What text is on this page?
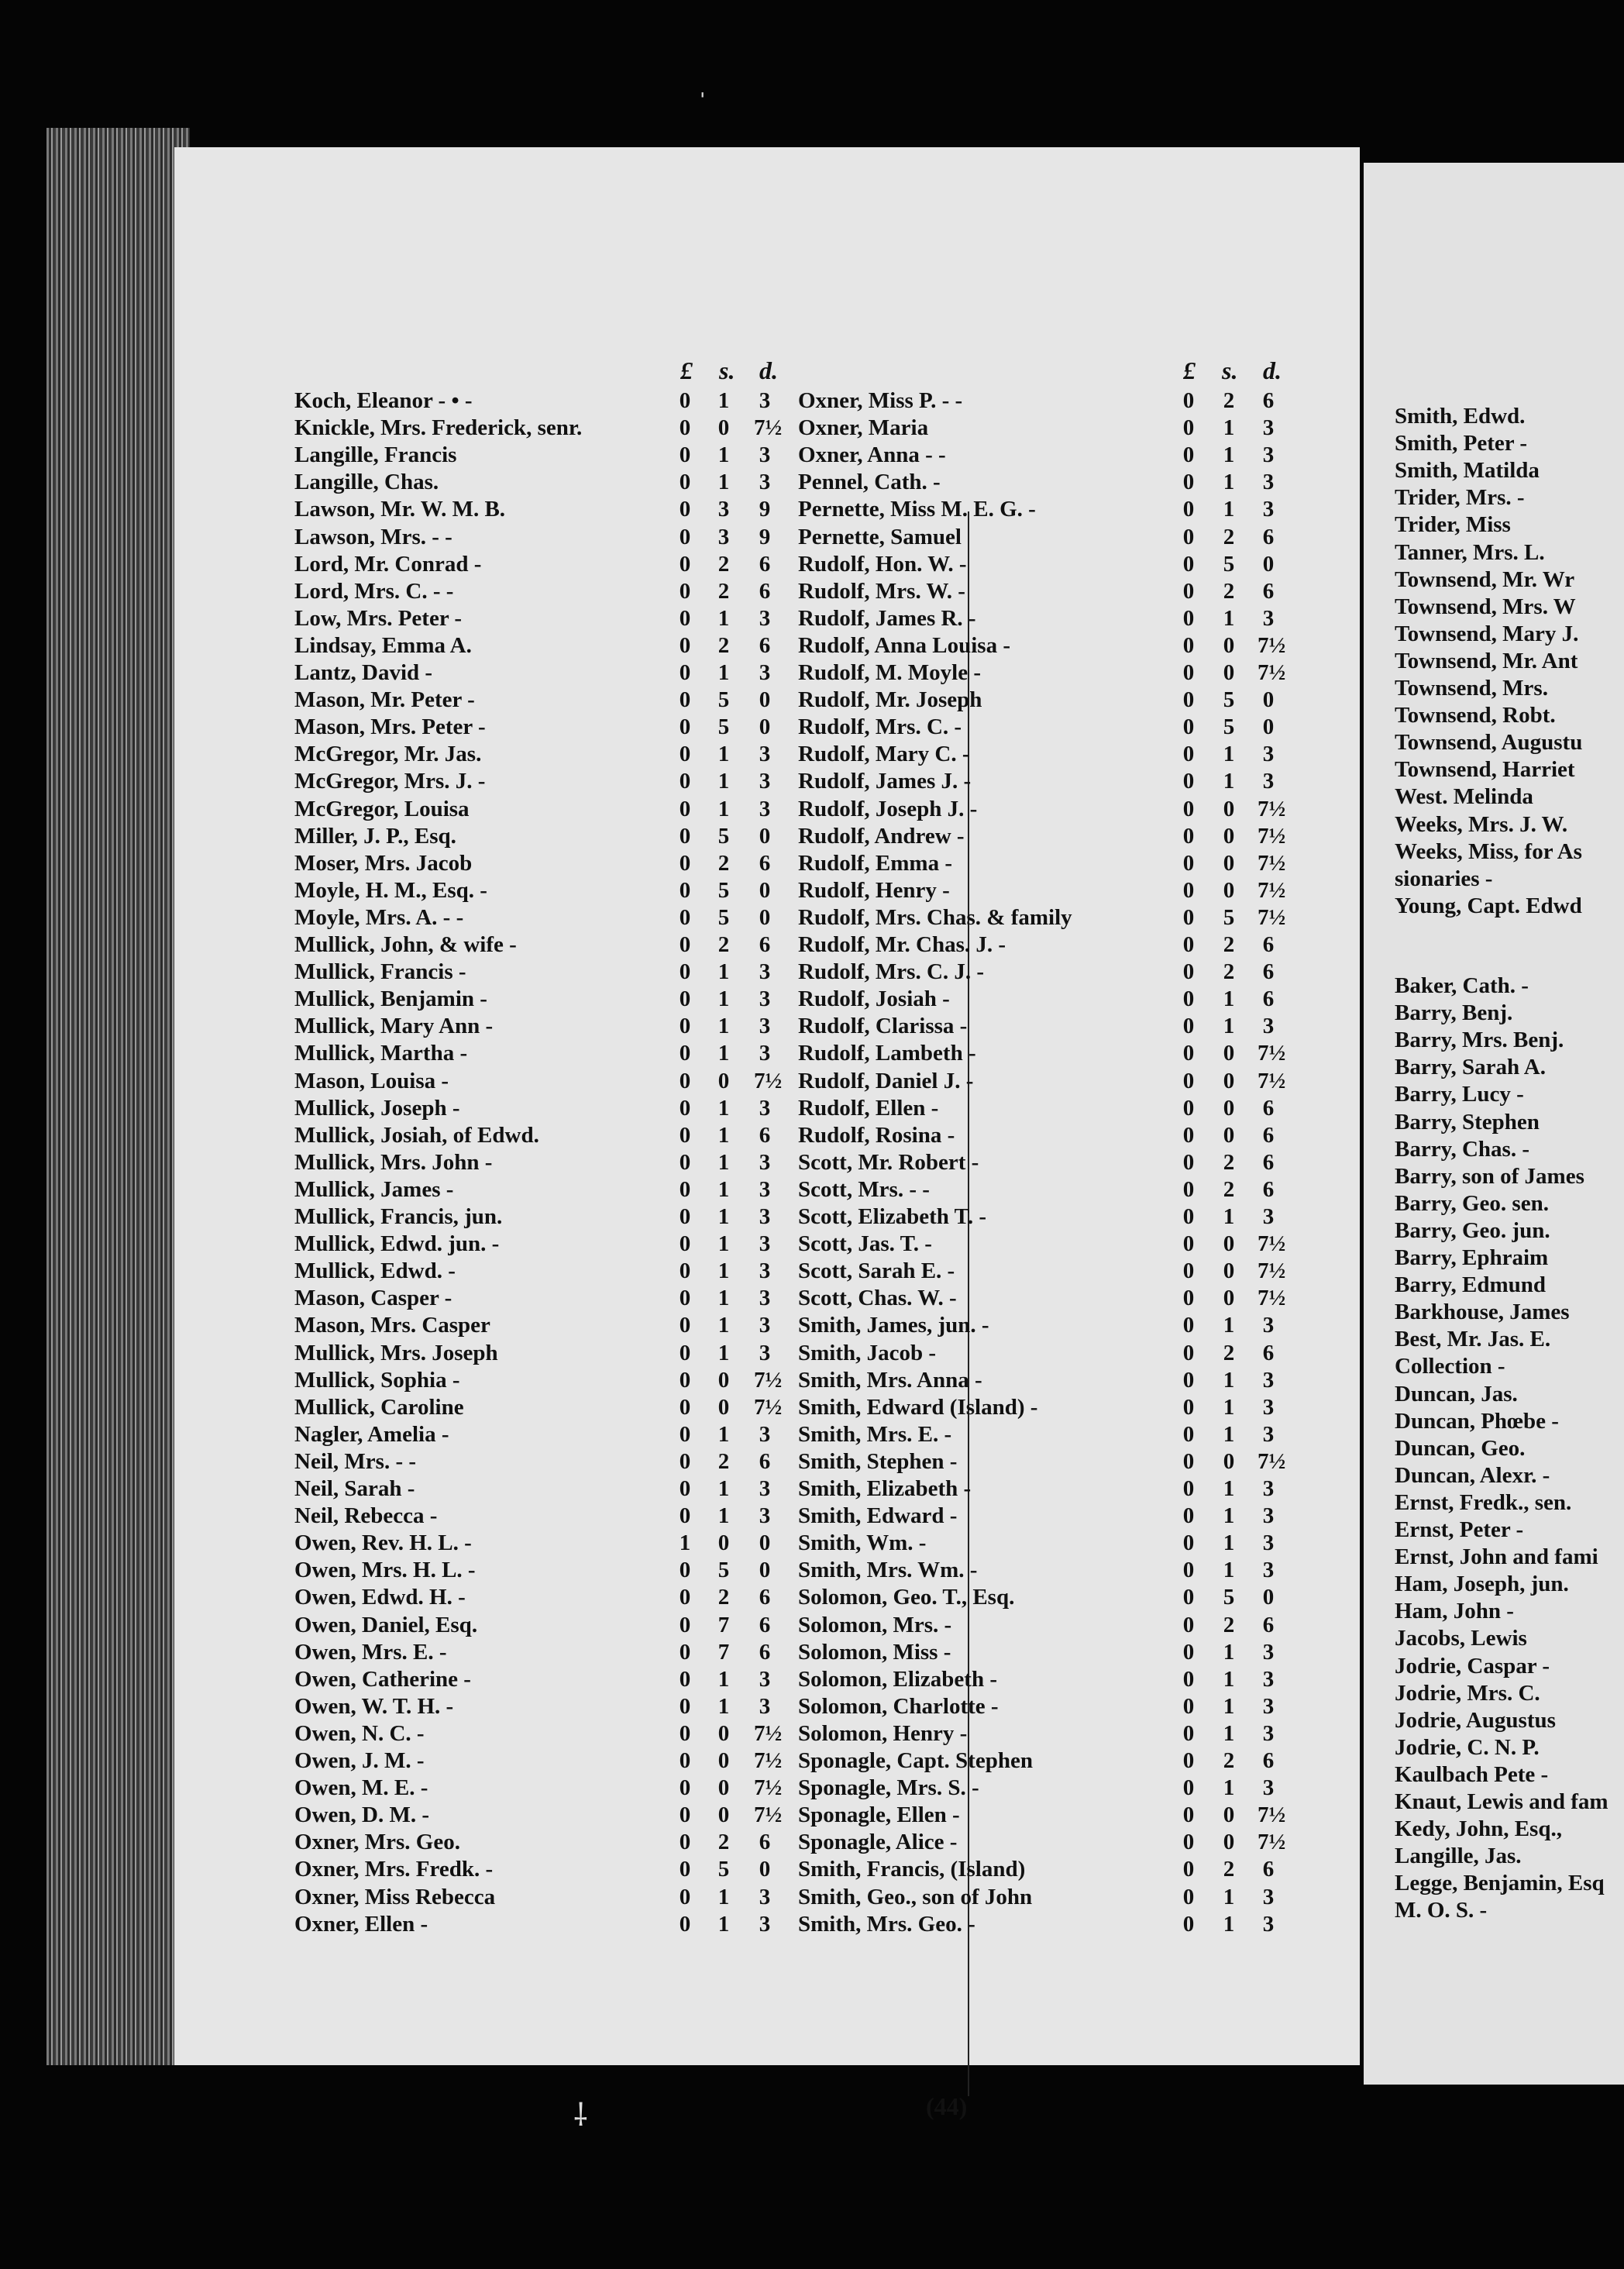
£ s. d.	£ s. d.
Koch, Eleanor - • -	0 1 3
Knickle, Mrs. Frederick, senr.	0 0 7½
Langille, Francis	0 1 3
Langille, Chas.	0 1 3
Lawson, Mr. W. M. B.	0 3 9
Lawson, Mrs. - -	0 3 9
Lord, Mr. Conrad -	0 2 6
Lord, Mrs. C. - -	0 2 6
Low, Mrs. Peter -	0 1 3
Lindsay, Emma A.	0 2 6
Lantz, David -	0 1 3
Mason, Mr. Peter -	0 5 0
Mason, Mrs. Peter -	0 5 0
McGregor, Mr. Jas.	0 1 3
McGregor, Mrs. J. -	0 1 3
McGregor, Louisa	0 1 3
Miller, J. P., Esq.	0 5 0
Moser, Mrs. Jacob	0 2 6
Moyle, H. M., Esq. -	0 5 0
Moyle, Mrs. A. - -	0 5 0
Mullick, John, & wife -	0 2 6
Mullick, Francis -	0 1 3
Mullick, Benjamin -	0 1 3
Mullick, Mary Ann -	0 1 3
Mullick, Martha -	0 1 3
Mason, Louisa -	0 0 7½
Mullick, Joseph -	0 1 3
Mullick, Josiah, of Edwd.	0 1 6
Mullick, Mrs. John -	0 1 3
Mullick, James -	0 1 3
Mullick, Francis, jun.	0 1 3
Mullick, Edwd. jun. -	0 1 3
Mullick, Edwd. -	0 1 3
Mason, Casper -	0 1 3
Mason, Mrs. Casper	0 1 3
Mullick, Mrs. Joseph	0 1 3
Mullick, Sophia -	0 0 7½
Mullick, Caroline	0 0 7½
Nagler, Amelia -	0 1 3
Neil, Mrs. - -	0 2 6
Neil, Sarah -	0 1 3
Neil, Rebecca -	0 1 3
Owen, Rev. H. L. -	1 0 0
Owen, Mrs. H. L. -	0 5 0
Owen, Edwd. H. -	0 2 6
Owen, Daniel, Esq.	0 7 6
Owen, Mrs. E. -	0 7 6
Owen, Catherine -	0 1 3
Owen, W. T. H. -	0 1 3
Owen, N. C. -	0 0 7½
Owen, J. M. -	0 0 7½
Owen, M. E. -	0 0 7½
Owen, D. M. -	0 0 7½
Oxner, Mrs. Geo.	0 2 6
Oxner, Mrs. Fredk. -	0 5 0
Oxner, Miss Rebecca	0 1 3
Oxner, Ellen -	0 1 3
Oxner, Miss P. - -	0 2 6
Oxner, Maria	0 1 3
Oxner, Anna - -	0 1 3
Pennel, Cath. -	0 1 3
Pernette, Miss M. E. G. -	0 1 3
Pernette, Samuel	0 2 6
Rudolf, Hon. W. -	0 5 0
Rudolf, Mrs. W. -	0 2 6
Rudolf, James R. -	0 1 3
Rudolf, Anna Louisa -	0 0 7½
Rudolf, M. Moyle -	0 0 7½
Rudolf, Mr. Joseph	0 5 0
Rudolf, Mrs. C. -	0 5 0
Rudolf, Mary C. -	0 1 3
Rudolf, James J. -	0 1 3
Rudolf, Joseph J. -	0 0 7½
Rudolf, Andrew -	0 0 7½
Rudolf, Emma -	0 0 7½
Rudolf, Henry -	0 0 7½
Rudolf, Mrs. Chas. & family	0 5 7½
Rudolf, Mr. Chas. J. -	0 2 6
Rudolf, Mrs. C. J. -	0 2 6
Rudolf, Josiah -	0 1 6
Rudolf, Clarissa -	0 1 3
Rudolf, Lambeth -	0 0 7½
Rudolf, Daniel J. -	0 0 7½
Rudolf, Ellen -	0 0 6
Rudolf, Rosina -	0 0 6
Scott, Mr. Robert -	0 2 6
Scott, Mrs. - -	0 2 6
Scott, Elizabeth T. -	0 1 3
Scott, Jas. T. -	0 0 7½
Scott, Sarah E. -	0 0 7½
Scott, Chas. W. -	0 0 7½
Smith, James, jun. -	0 1 3
Smith, Jacob -	0 2 6
Smith, Mrs. Anna -	0 1 3
Smith, Edward (Island) -	0 1 3
Smith, Mrs. E. -	0 1 3
Smith, Stephen -	0 0 7½
Smith, Elizabeth -	0 1 3
Smith, Edward -	0 1 3
Smith, Wm. -	0 1 3
Smith, Mrs. Wm. -	0 1 3
Solomon, Geo. T., Esq.	0 5 0
Solomon, Mrs. -	0 2 6
Solomon, Miss -	0 1 3
Solomon, Elizabeth -	0 1 3
Solomon, Charlotte -	0 1 3
Solomon, Henry -	0 1 3
Sponagle, Capt. Stephen	0 2 6
Sponagle, Mrs. S. -	0 1 3
Sponagle, Ellen -	0 0 7½
Sponagle, Alice -	0 0 7½
Smith, Francis, (Island)	0 2 6
Smith, Geo., son of John	0 1 3
Smith, Mrs. Geo. -	0 1 3
(44)
Smith, Edwd.
Smith, Peter -
Smith, Matilda
Trider, Mrs. -
Trider, Miss
Tanner, Mrs. L.
Townsend, Mr. Wr
Townsend, Mrs. W
Townsend, Mary J.
Townsend, Mr. Ant
Townsend, Mrs.
Townsend, Robt.
Townsend, Augustu
Townsend, Harriet
West. Melinda
Weeks, Mrs. J. W.
Weeks, Miss, for As
sionaries -
Young, Capt. Edwd
Baker, Cath. -
Barry, Benj.
Barry, Mrs. Benj.
Barry, Sarah A.
Barry, Lucy -
Barry, Stephen
Barry, Chas. -
Barry, son of James
Barry, Geo. sen.
Barry, Geo. jun.
Barry, Ephraim
Barry, Edmund
Barkhouse, James
Best, Mr. Jas. E.
Collection -
Duncan, Jas.
Duncan, Phœbe -
Duncan, Geo.
Duncan, Alexr. -
Ernst, Fredk., sen.
Ernst, Peter -
Ernst, John and fami
Ham, Joseph, jun.
Ham, John -
Jacobs, Lewis
Jodrie, Caspar -
Jodrie, Mrs. C.
Jodrie, Augustus
Jodrie, C. N. P.
Kaulbach Pete -
Knaut, Lewis and fam
Kedy, John, Esq.,
Langille, Jas.
Legge, Benjamin, Esq
M. O. S. -
ˌ
⸸
